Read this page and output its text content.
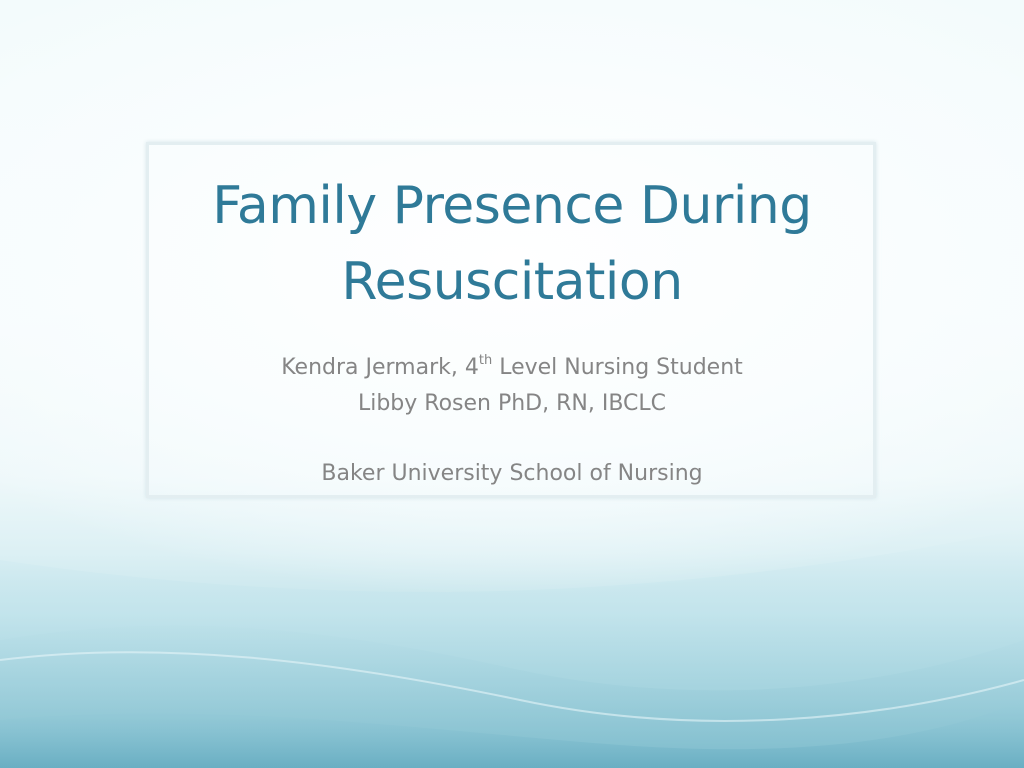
Family Presence During
Resuscitation
Kendra Jermark, 4th Level Nursing Student
Libby Rosen PhD, RN, IBCLC
Baker University School of Nursing
